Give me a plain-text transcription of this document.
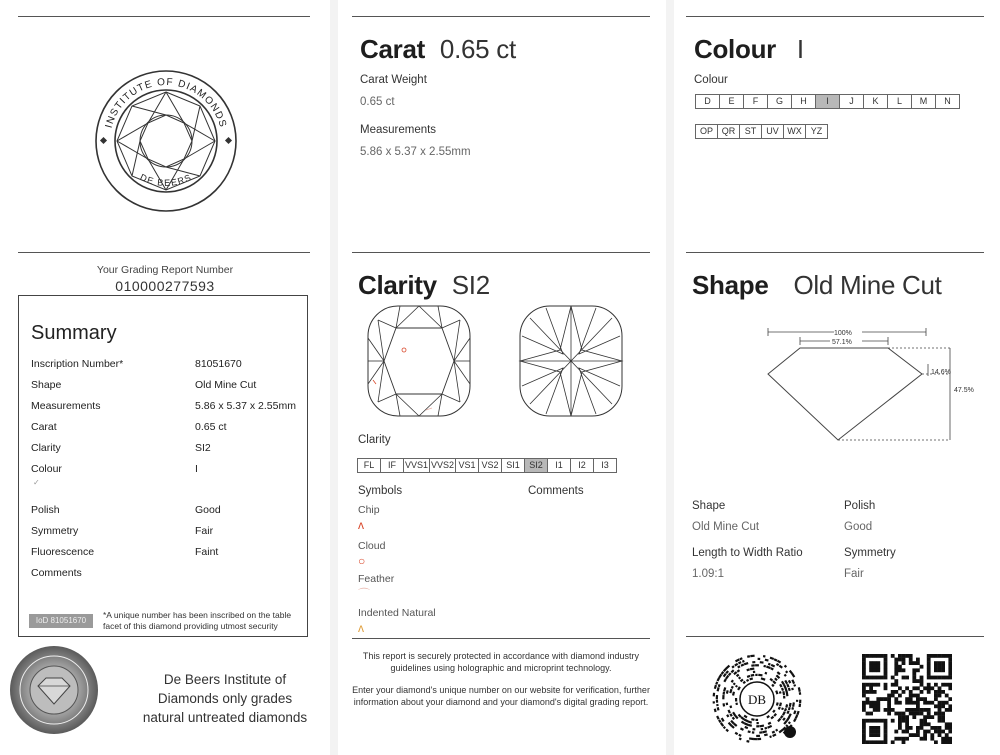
INSTITUTE OF DIAMONDS
DE BEERS
Your Grading Report Number
010000277593
Summary
Inscription Number*	81051670
Shape	Old Mine Cut
Measurements	5.86 x 5.37 x 2.55mm
Carat	0.65 ct
Clarity	SI2
Colour	I
Polish	Good
Symmetry	Fair
Fluorescence	Faint
Comments
✓
IoD 81051670
*A unique number has been inscribed on the table facet of this diamond providing utmost security
De Beers Institute of
Diamonds only grades
natural untreated diamonds
Carat 0.65 ct
Carat Weight
0.65 ct
Measurements
5.86 x 5.37 x 2.55mm
Clarity SI2
Clarity
FL	IF VVS1 VVS2 VS1 VS2 SI1	SI2	I1	I2	I3
Symbols	Comments
Chip
ʌ
Cloud
○
Feather
⌒
Indented Natural
ʌ
This report is securely protected in accordance with diamond industry guidelines using holographic and microprint technology.
Enter your diamond's unique number on our website for verification, further information about your diamond and your diamond's digital grading report.
Colour I
Colour
D	E	F	G	H	I	J	K	L	M	N
OP QR	ST	UV WX YZ
Shape Old Mine Cut
100%
57.1%
14.6%
47.5%
Shape
Old Mine Cut
Polish
Good
Length to Width Ratio
1.09:1
Symmetry
Fair
DB
